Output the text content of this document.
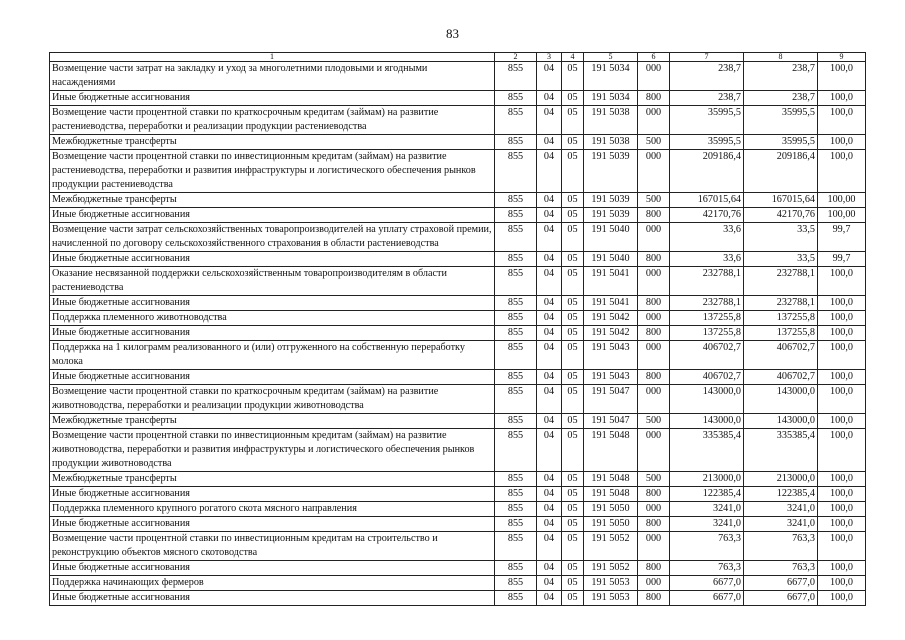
83
1	2	3	4	5	6	7	8	9
Возмещение части затрат на закладку и уход за многолетними плодовыми и ягодными насаждениями	855	04	05	191 5034	000	238,7	238,7	100,0
Иные бюджетные ассигнования	855	04	05	191 5034	800	238,7	238,7	100,0
Возмещение части процентной ставки по краткосрочным кредитам (займам) на развитие растениеводства, переработки и реализации продукции растениеводства	855	04	05	191 5038	000	35995,5	35995,5	100,0
Межбюджетные трансферты	855	04	05	191 5038	500	35995,5	35995,5	100,0
Возмещение части процентной ставки по инвестиционным кредитам (займам) на развитие растениеводства, переработки и развития инфраструктуры и логистического обеспечения рынков продукции растениеводства	855	04	05	191 5039	000	209186,4	209186,4	100,0
Межбюджетные трансферты	855	04	05	191 5039	500	167015,64	167015,64	100,00
Иные бюджетные ассигнования	855	04	05	191 5039	800	42170,76	42170,76	100,00
Возмещение части затрат сельскохозяйственных товаропроизводителей на уплату страховой премии, начисленной по договору сельскохозяйственного страхования в области растениеводства	855	04	05	191 5040	000	33,6	33,5	99,7
Иные бюджетные ассигнования	855	04	05	191 5040	800	33,6	33,5	99,7
Оказание несвязанной поддержки сельскохозяйственным товаропроизводителям в области растениеводства	855	04	05	191 5041	000	232788,1	232788,1	100,0
Иные бюджетные ассигнования	855	04	05	191 5041	800	232788,1	232788,1	100,0
Поддержка племенного животноводства	855	04	05	191 5042	000	137255,8	137255,8	100,0
Иные бюджетные ассигнования	855	04	05	191 5042	800	137255,8	137255,8	100,0
Поддержка на 1 килограмм реализованного и (или) отгруженного на собственную переработку молока	855	04	05	191 5043	000	406702,7	406702,7	100,0
Иные бюджетные ассигнования	855	04	05	191 5043	800	406702,7	406702,7	100,0
Возмещение части процентной ставки по краткосрочным кредитам (займам) на развитие животноводства, переработки и реализации продукции животноводства	855	04	05	191 5047	000	143000,0	143000,0	100,0
Межбюджетные трансферты	855	04	05	191 5047	500	143000,0	143000,0	100,0
Возмещение части процентной ставки по инвестиционным кредитам (займам) на развитие животноводства, переработки и развития инфраструктуры и логистического обеспечения рынков продукции животноводства	855	04	05	191 5048	000	335385,4	335385,4	100,0
Межбюджетные трансферты	855	04	05	191 5048	500	213000,0	213000,0	100,0
Иные бюджетные ассигнования	855	04	05	191 5048	800	122385,4	122385,4	100,0
Поддержка племенного крупного рогатого скота мясного направления	855	04	05	191 5050	000	3241,0	3241,0	100,0
Иные бюджетные ассигнования	855	04	05	191 5050	800	3241,0	3241,0	100,0
Возмещение части процентной ставки по инвестиционным кредитам на строительство и реконструкцию объектов мясного скотоводства	855	04	05	191 5052	000	763,3	763,3	100,0
Иные бюджетные ассигнования	855	04	05	191 5052	800	763,3	763,3	100,0
Поддержка начинающих фермеров	855	04	05	191 5053	000	6677,0	6677,0	100,0
Иные бюджетные ассигнования	855	04	05	191 5053	800	6677,0	6677,0	100,0
